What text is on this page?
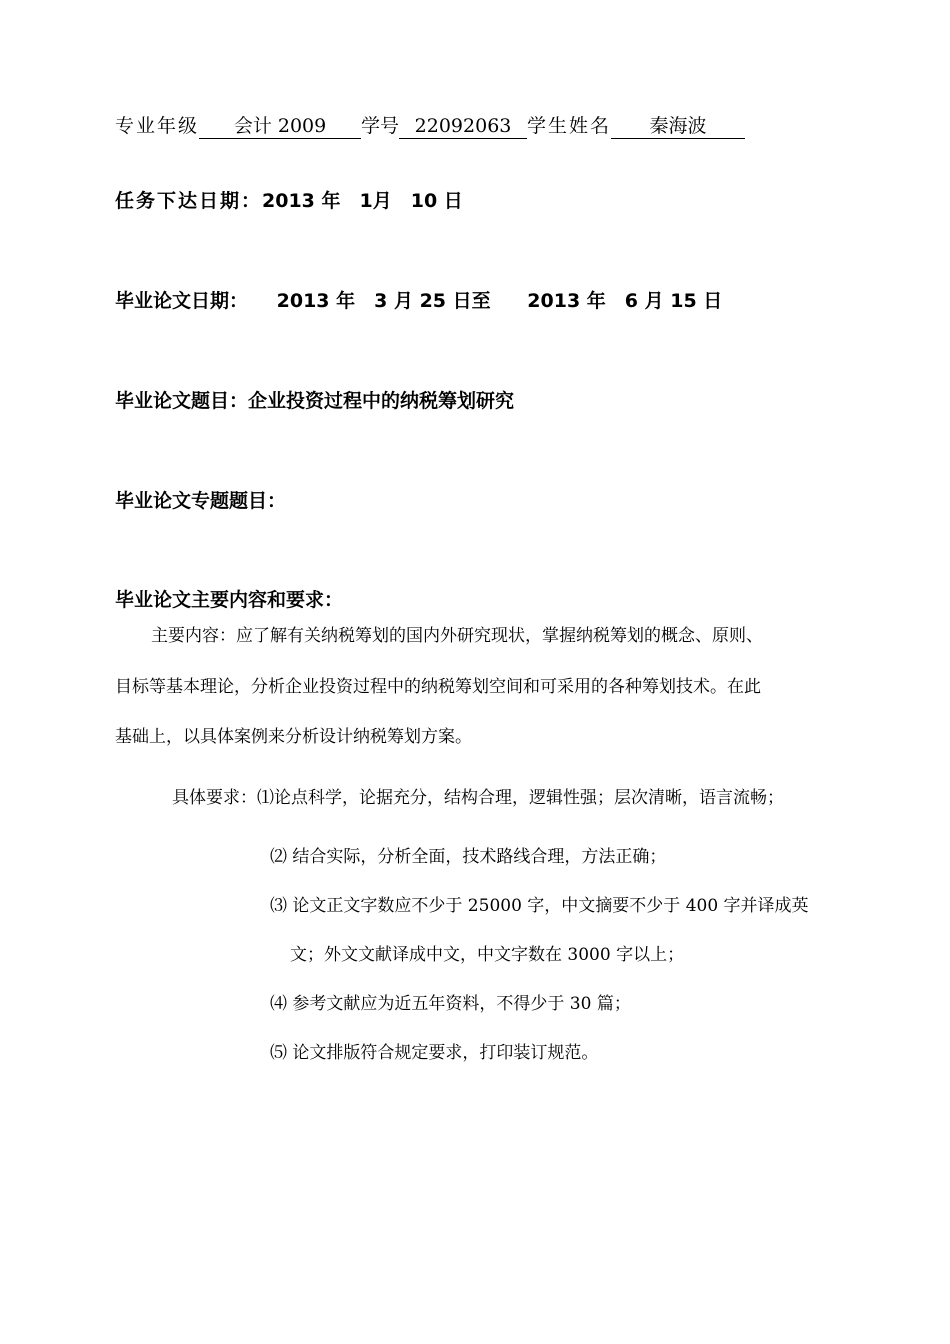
专业年级 会计 2009 学号 22092063 学生姓名 秦海波
任务下达日期：2013 年　1月　10 日
毕业论文日期： 2013 年　3 月 25 日至 2013 年　6 月 15 日
毕业论文题目：企业投资过程中的纳税筹划研究
毕业论文专题题目：
毕业论文主要内容和要求：
主要内容：应了解有关纳税筹划的国内外研究现状，掌握纳税筹划的概念、原则、
目标等基本理论，分析企业投资过程中的纳税筹划空间和可采用的各种筹划技术。在此
基础上，以具体案例来分析设计纳税筹划方案。
具体要求：⑴论点科学，论据充分，结构合理，逻辑性强；层次清晰，语言流畅；
⑵ 结合实际，分析全面，技术路线合理，方法正确；
⑶ 论文正文字数应不少于 25000 字，中文摘要不少于 400 字并译成英
文；外文文献译成中文，中文字数在 3000 字以上；
⑷ 参考文献应为近五年资料，不得少于 30 篇；
⑸ 论文排版符合规定要求，打印装订规范。
